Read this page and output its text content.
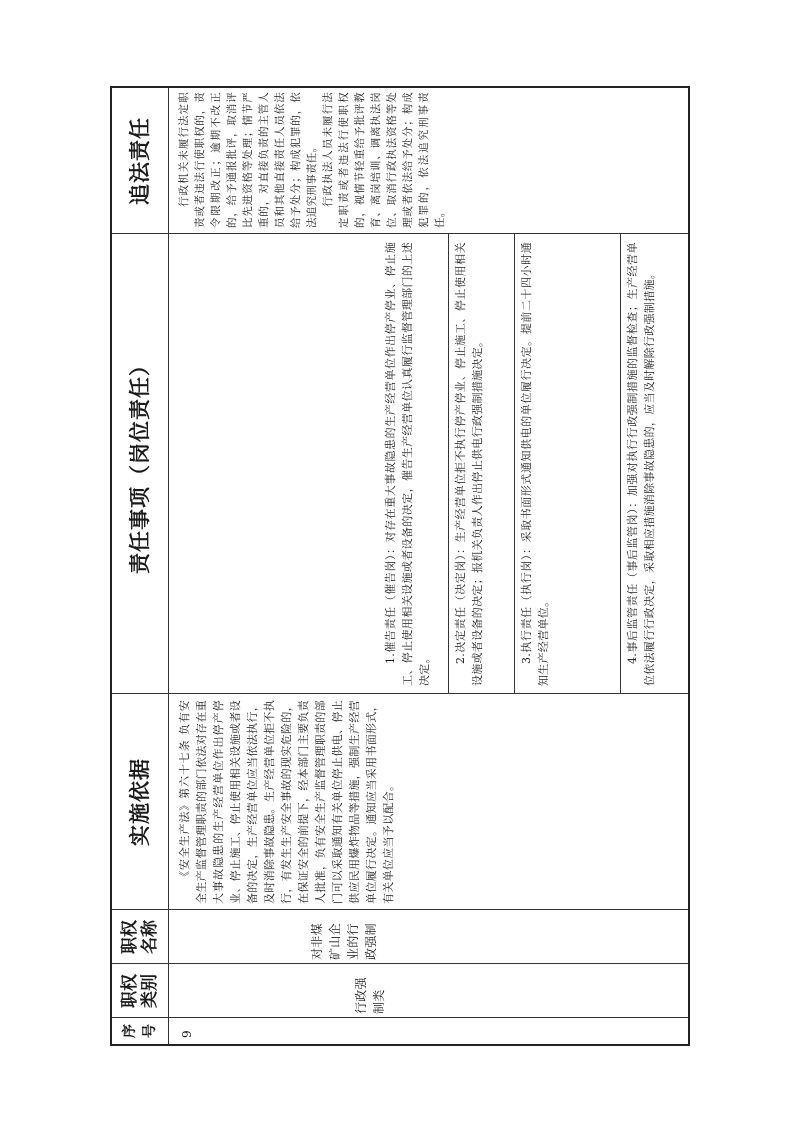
序号
职权类别
职权名称
实施依据
责任事项（岗位责任）
追法责任
9
行政强制类
对非煤矿山企业的行政强制

《安全生产法》第六十七条 负有安全生产监督管理职责的部门依法对存在重大事故隐患的生产经营单位作出停产停业、停止施工、停止使用相关设施或者设备的决定，生产经营单位应当依法执行，及时消除事故隐患。生产经营单位拒不执行，有发生生产安全事故的现实危险的，在保证安全的前提下，经本部门主要负责人批准，负有安全生产监督管理职责的部门可以采取通知有关单位停止供电、停止供应民用爆炸物品等措施，强制生产经营单位履行决定。通知应当采用书面形式，有关单位应当予以配合。

1.催告责任（催告岗）：对存在重大事故隐患的生产经营单位作出停产停业、停止施工、停止使用相关设施或者设备的决定，催告生产经营单位认真履行监督管理部门的上述决定。

2.决定责任（决定岗）：生产经营单位拒不执行停产停业、停止施工、停止使用相关设施或者设备的决定；报机关负责人作出停止供电行政强制措施决定。	3.执行责任（执行岗）：采取书面形式通知供电的单位履行决定。提前二十四小时通知生产经营单位。	4.事后监管责任（事后监管岗）：加强对执行行政强制措施的监督检查；生产经营单位依法履行行政决定，采取相应措施消除事故隐患的，应当及时解除行政强制措施。

行政机关未履行法定职责或者违法行使职权的，责令限期改正；逾期不改正的，给予通报批评，取消评比先进资格等处理；情节严重的，对直接负责的主管人员和其他直接责任人员依法给予处分；构成犯罪的，依法追究刑事责任。 行政执法人员未履行法定职责或者违法行使职权的，视情节轻重给予批评教育、离岗培训、调离执法岗位、取消行政执法资格等处理或者依法给予处分；构成犯罪的，依法追究刑事责任。
